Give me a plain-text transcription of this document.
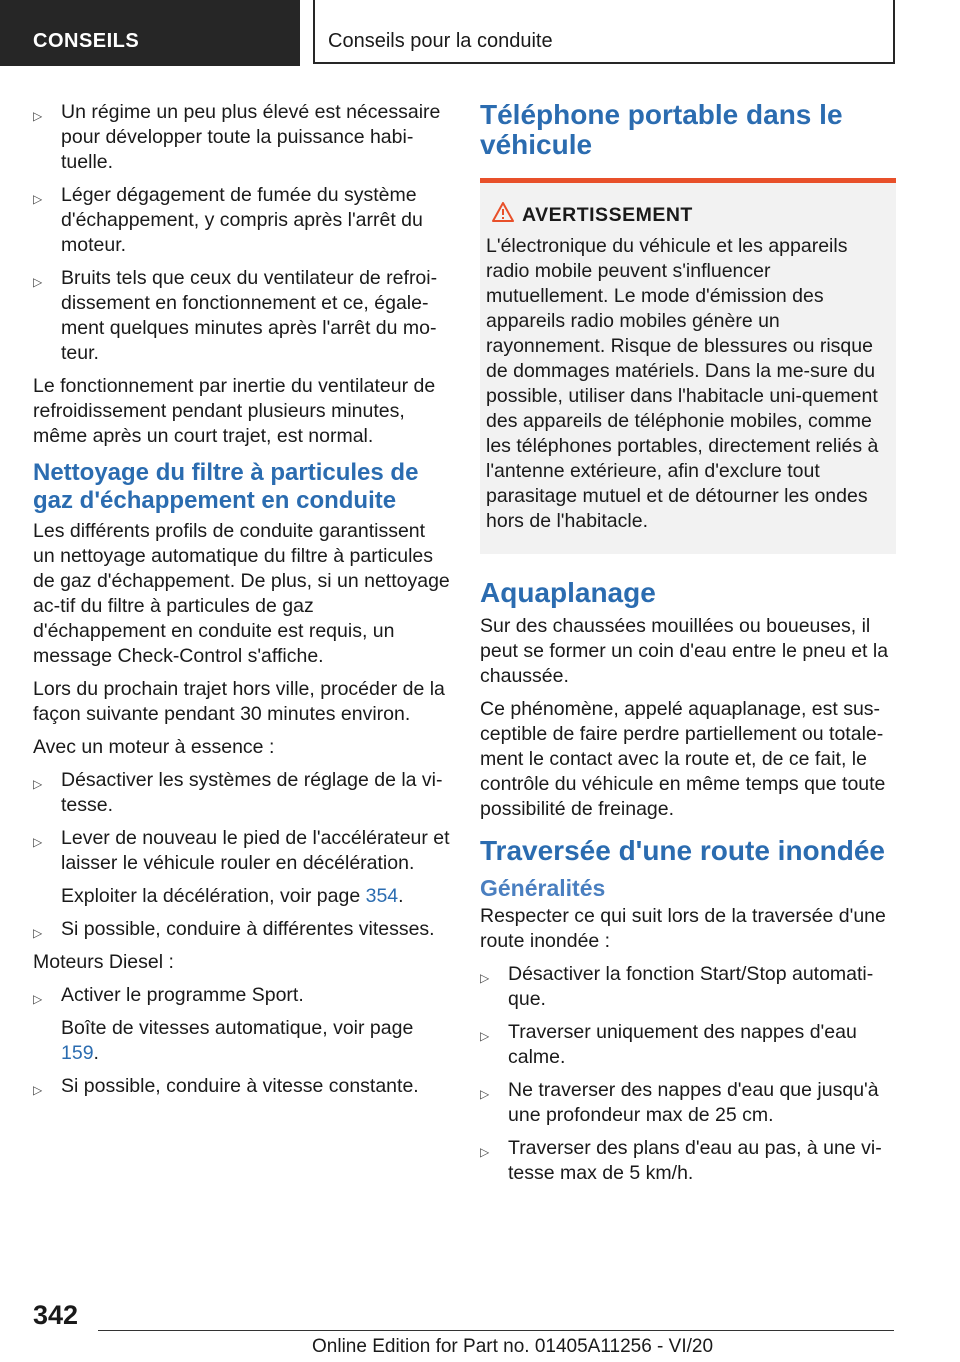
CONSEILS	Conseils pour la conduite
▷ Un régime un peu plus élevé est nécessaire pour développer toute la puissance habi-tuelle.
▷ Léger dégagement de fumée du système d'échappement, y compris après l'arrêt du moteur.
▷ Bruits tels que ceux du ventilateur de refroi-dissement en fonctionnement et ce, égale-ment quelques minutes après l'arrêt du mo-teur.

Le fonctionnement par inertie du ventilateur de refroidissement pendant plusieurs minutes, même après un court trajet, est normal.

Nettoyage du filtre à particules de gaz d'échappement en conduite

Les différents profils de conduite garantissent un nettoyage automatique du filtre à particules de gaz d'échappement. De plus, si un nettoyage ac-tif du filtre à particules de gaz d'échappement en conduite est requis, un message Check-Control s'affiche.

Lors du prochain trajet hors ville, procéder de la façon suivante pendant 30 minutes environ.

Avec un moteur à essence :

▷ Désactiver les systèmes de réglage de la vi-tesse.
▷ Lever de nouveau le pied de l'accélérateur et laisser le véhicule rouler en décélération.
Exploiter la décélération, voir page 354.
▷ Si possible, conduire à différentes vitesses.

Moteurs Diesel :

▷ Activer le programme Sport.
Boîte de vitesses automatique, voir page 159.
▷ Si possible, conduire à vitesse constante.
Téléphone portable dans le véhicule
AVERTISSEMENT
L'électronique du véhicule et les appareils radio mobile peuvent s'influencer mutuellement. Le mode d'émission des appareils radio mobiles génère un rayonnement. Risque de blessures ou risque de dommages matériels. Dans la me-sure du possible, utiliser dans l'habitacle uni-quement des appareils de téléphonie mobiles, comme les téléphones portables, directement reliés à l'antenne extérieure, afin d'exclure tout parasitage mutuel et de détourner les ondes hors de l'habitacle.
Aquaplanage

Sur des chaussées mouillées ou boueuses, il peut se former un coin d'eau entre le pneu et la chaussée.

Ce phénomène, appelé aquaplanage, est sus-ceptible de faire perdre partiellement ou totale-ment le contact avec la route et, de ce fait, le contrôle du véhicule en même temps que toute possibilité de freinage.

Traversée d'une route inondée
Généralités

Respecter ce qui suit lors de la traversée d'une route inondée :

▷ Désactiver la fonction Start/Stop automati-que.
▷ Traverser uniquement des nappes d'eau calme.
▷ Ne traverser des nappes d'eau que jusqu'à une profondeur max de 25 cm.
▷ Traverser des plans d'eau au pas, à une vi-tesse max de 5 km/h.
342
Online Edition for Part no. 01405A11256 - VI/20
